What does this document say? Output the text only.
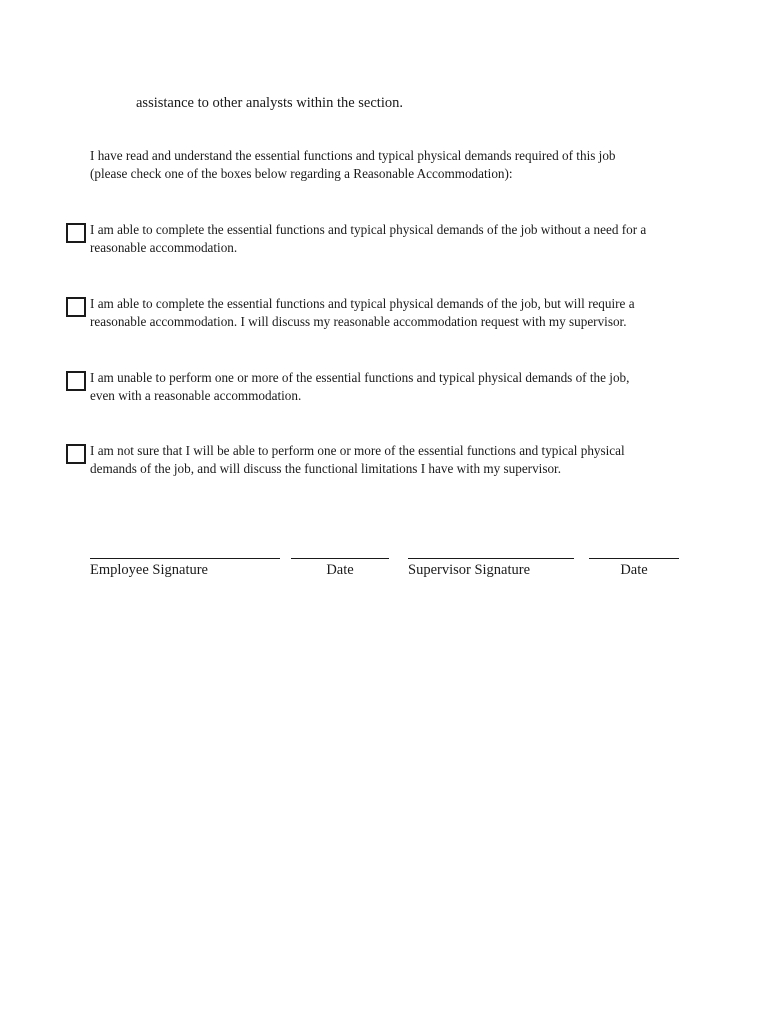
assistance to other analysts within the section.
I have read and understand the essential functions and typical physical demands required of this job
(please check one of the boxes below regarding a Reasonable Accommodation):
I am able to complete the essential functions and typical physical demands of the job without a need for a
reasonable accommodation.
I am able to complete the essential functions and typical physical demands of the job, but will require a
reasonable accommodation. I will discuss my reasonable accommodation request with my supervisor.
I am unable to perform one or more of the essential functions and typical physical demands of the job,
even with a reasonable accommodation.
I am not sure that I will be able to perform one or more of the essential functions and typical physical
demands of the job, and will discuss the functional limitations I have with my supervisor.
Employee Signature	Date	Supervisor Signature	Date
